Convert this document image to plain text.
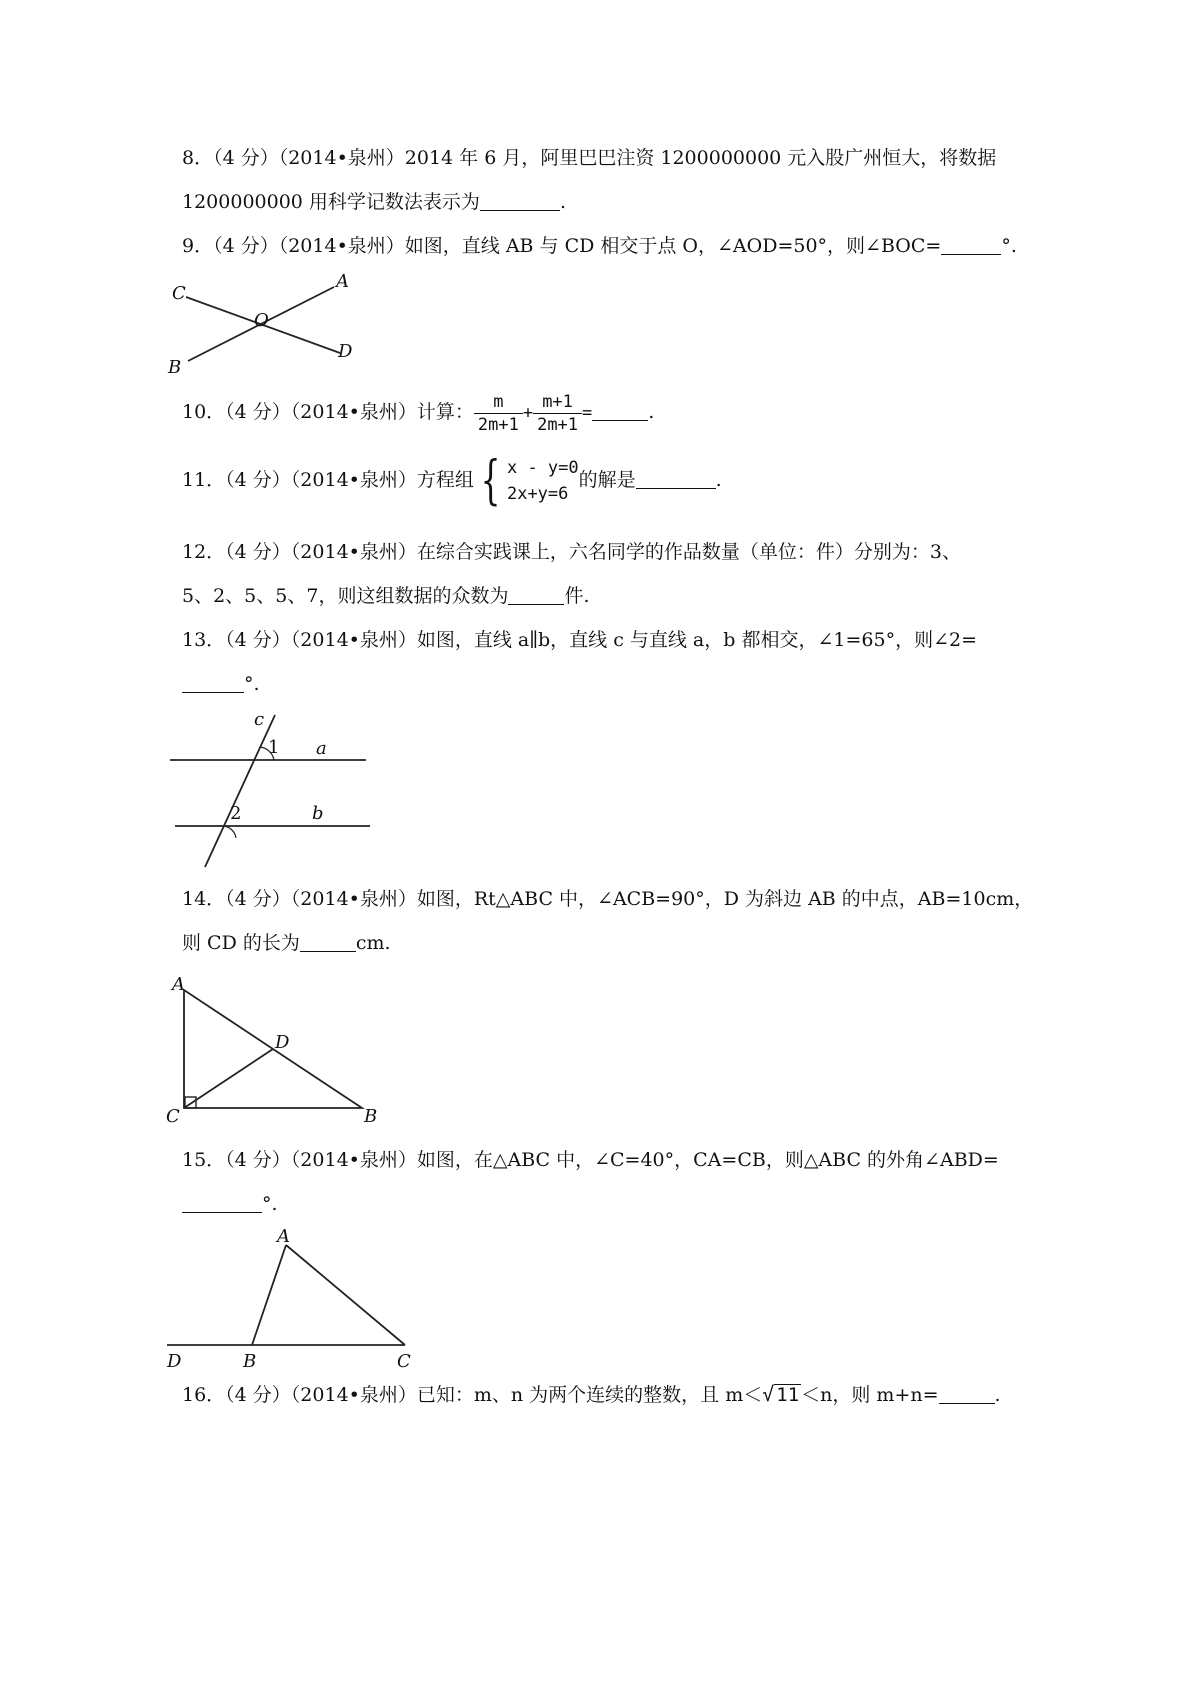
8．（4 分）（2014•泉州）2014 年 6 月，阿里巴巴注资 1200000000 元入股广州恒大，将数据
1200000000 用科学记数法表示为	.
9．（4 分）（2014•泉州）如图，直线 AB 与 CD 相交于点 O，∠AOD=50°，则∠BOC=	°.
C
A
O
B
D
10．（4 分）（2014•泉州）计算： $\frac{m}{2m+1} + \frac{m+1}{2m+1}$ =	.
11．（4 分）（2014•泉州）方程组 { x - y=0
2x+y=6
的解是	.
12．（4 分）（2014•泉州）在综合实践课上，六名同学的作品数量（单位：件）分别为：3、
5、2、5、5、7，则这组数据的众数为	件.
13．（4 分）（2014•泉州）如图，直线 a∥b，直线 c 与直线 a，b 都相交，∠1=65°，则∠2=
°.
c
1 a
2	b
14．（4 分）（2014•泉州）如图，Rt△ABC 中，∠ACB=90°，D 为斜边 AB 的中点，AB=10cm，
则 CD 的长为	cm.
A
D
C	B
15．（4 分）（2014•泉州）如图，在△ABC 中，∠C=40°，CA=CB，则△ABC 的外角∠ABD=
°.
A
D	B	C
16．（4 分）（2014•泉州）已知：m、n 为两个连续的整数，且 m＜√ 11 ＜n，则 m+n=	.
